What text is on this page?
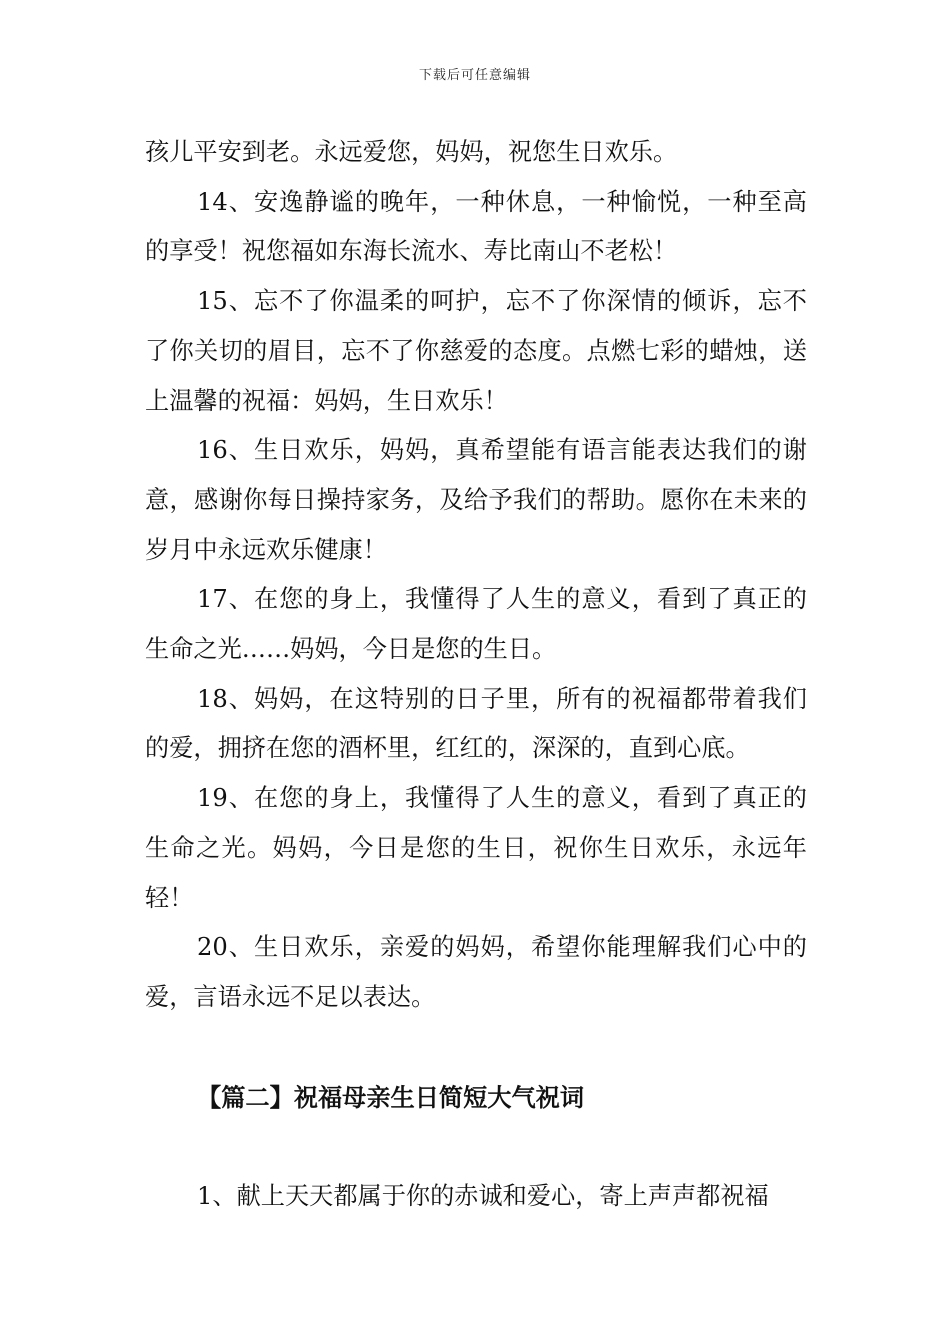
下载后可任意编辑

孩儿平安到老。永远爱您，妈妈，祝您生日欢乐。

14、安逸静谧的晚年，一种休息，一种愉悦，一种至高的享受！祝您福如东海长流水、寿比南山不老松！

15、忘不了你温柔的呵护，忘不了你深情的倾诉，忘不了你关切的眉目，忘不了你慈爱的态度。点燃七彩的蜡烛，送上温馨的祝福：妈妈，生日欢乐！

16、生日欢乐，妈妈，真希望能有语言能表达我们的谢意，感谢你每日操持家务，及给予我们的帮助。愿你在未来的岁月中永远欢乐健康！

17、在您的身上，我懂得了人生的意义，看到了真正的生命之光……妈妈，今日是您的生日。

18、妈妈，在这特别的日子里，所有的祝福都带着我们的爱，拥挤在您的酒杯里，红红的，深深的，直到心底。

19、在您的身上，我懂得了人生的意义，看到了真正的生命之光。妈妈，今日是您的生日，祝你生日欢乐，永远年轻！

20、生日欢乐，亲爱的妈妈，希望你能理解我们心中的爱，言语永远不足以表达。

【篇二】祝福母亲生日简短大气祝词

1、献上天天都属于你的赤诚和爱心，寄上声声都祝福
